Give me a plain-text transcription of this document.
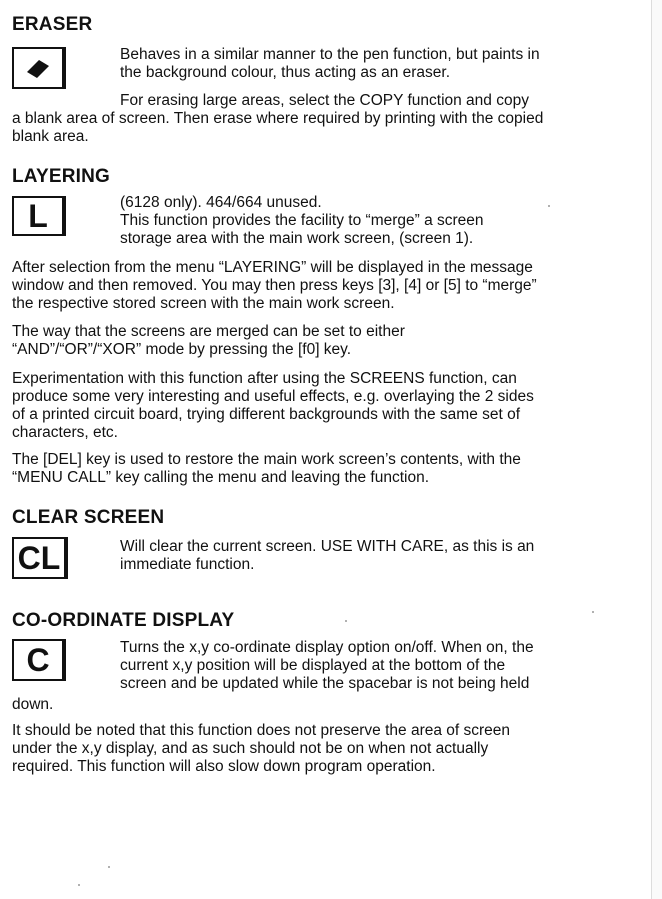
ERASER

Behaves in a similar manner to the pen function, but paints in
the background colour, thus acting as an eraser.

For erasing large areas, select the COPY function and copy

a blank area of screen. Then erase where required by printing with the copied
blank area.

LAYERING
L	(6128 only). 464/664 unused.
This function provides the facility to “merge” a screen
storage area with the main work screen, (screen 1).

After selection from the menu “LAYERING” will be displayed in the message
window and then removed. You may then press keys [3], [4] or [5] to “merge”
the respective stored screen with the main work screen.

The way that the screens are merged can be set to either
“AND”/“OR”/“XOR” mode by pressing the [f0] key.

Experimentation with this function after using the SCREENS function, can
produce some very interesting and useful effects, e.g. overlaying the 2 sides
of a printed circuit board, trying different backgrounds with the same set of
characters, etc.

The [DEL] key is used to restore the main work screen’s contents, with the
“MENU CALL” key calling the menu and leaving the function.

CLEAR SCREEN
CL	Will clear the current screen. USE WITH CARE, as this is an
immediate function.

CO-ORDINATE DISPLAY
C	Turns the x,y co-ordinate display option on/off. When on, the
current x,y position will be displayed at the bottom of the
screen and be updated while the spacebar is not being held

down.

It should be noted that this function does not preserve the area of screen
under the x,y display, and as such should not be on when not actually
required. This function will also slow down program operation.
